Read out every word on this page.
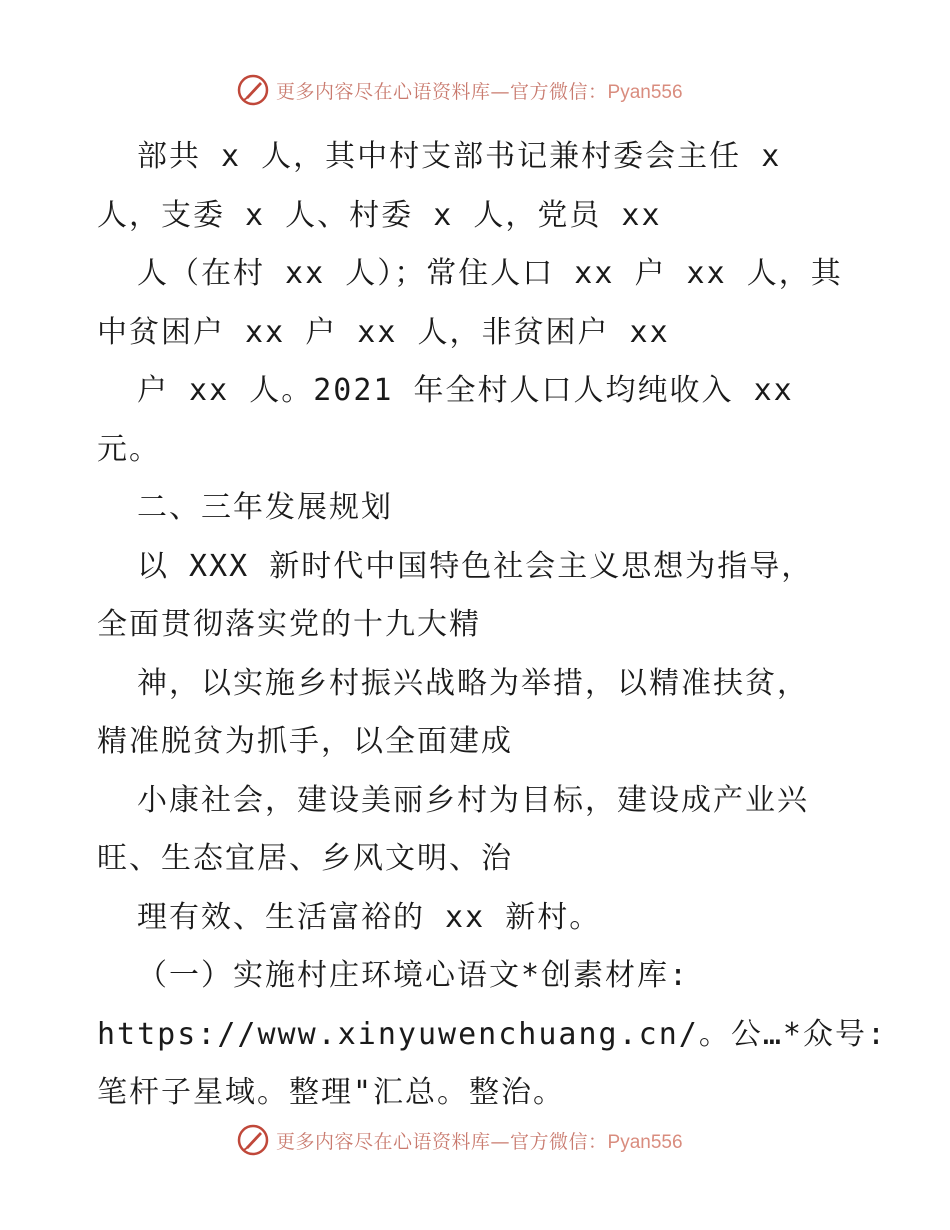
更多内容尽在心语资料库—官方微信：Pyan556
部共 x 人，其中村支部书记兼村委会主任 x
人，支委 x 人、村委 x 人，党员 xx
人（在村 xx 人）；常住人口 xx 户 xx 人，其
中贫困户 xx 户 xx 人，非贫困户 xx
户 xx 人。2021 年全村人口人均纯收入 xx
元。
二、三年发展规划
以 XXX 新时代中国特色社会主义思想为指导，
全面贯彻落实党的十九大精
神，以实施乡村振兴战略为举措，以精准扶贫，
精准脱贫为抓手，以全面建成
小康社会，建设美丽乡村为目标，建设成产业兴
旺、生态宜居、乡风文明、治
理有效、生活富裕的 xx 新村。
（一）实施村庄环境心语文*创素材库:
https://www.xinyuwenchuang.cn/。公…*众号:
笔杆子星域。整理"汇总。整治。
更多内容尽在心语资料库—官方微信：Pyan556
